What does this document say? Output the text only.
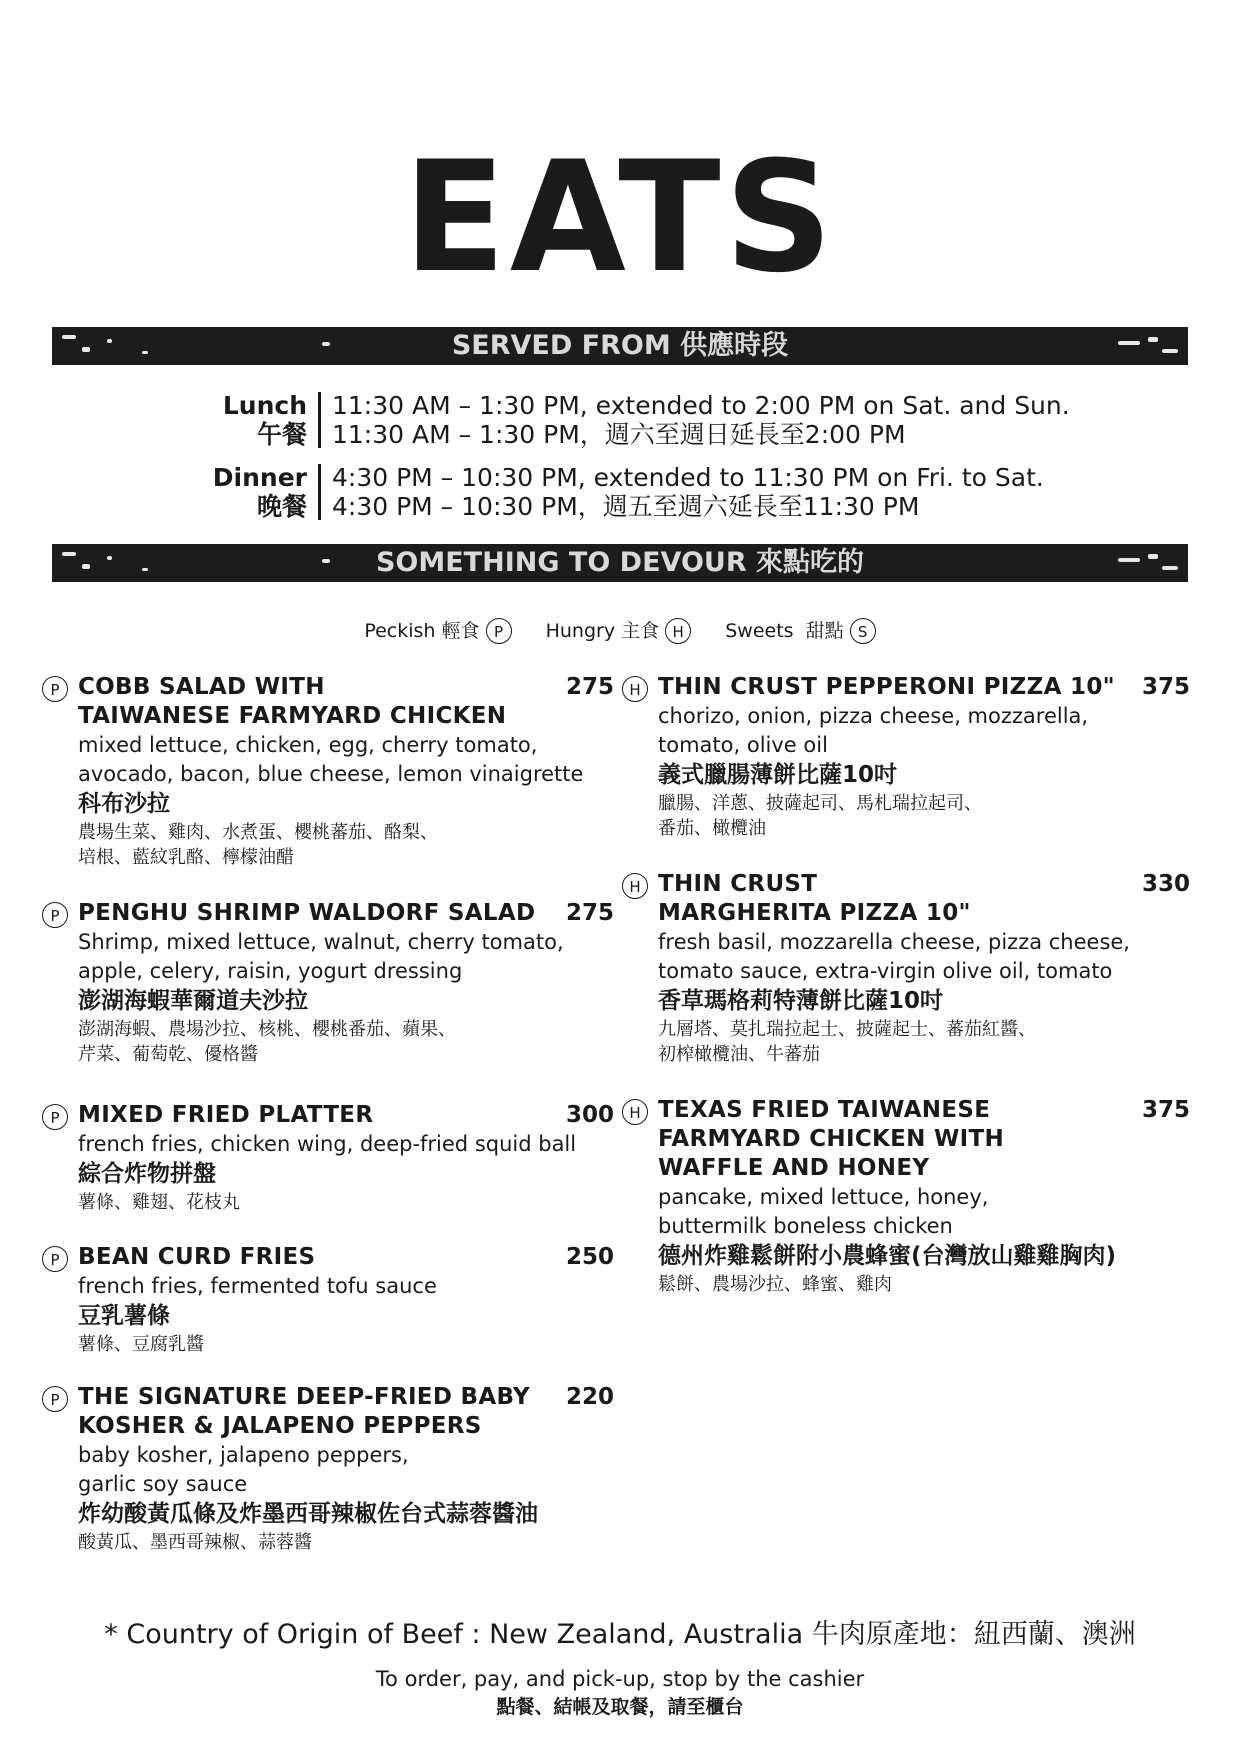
EATS
SERVED FROM 供應時段
Lunch
午餐
11:30 AM – 1:30 PM, extended to 2:00 PM on Sat. and Sun.
11:30 AM – 1:30 PM，週六至週日延長至2:00 PM
Dinner
晚餐
4:30 PM – 10:30 PM, extended to 11:30 PM on Fri. to Sat.
4:30 PM – 10:30 PM，週五至週六延長至11:30 PM
SOMETHING TO DEVOUR 來點吃的
Peckish 輕食 P Hungry 主食 H Sweets  甜點 S
P COBB SALAD WITH
TAIWANESE FARMYARD CHICKEN
mixed lettuce, chicken, egg, cherry tomato,
avocado, bacon, blue cheese, lemon vinaigrette
科布沙拉
農場生菜、雞肉、水煮蛋、櫻桃蕃茄、酪梨、
培根、藍紋乳酪、檸檬油醋
275
P PENGHU SHRIMP WALDORF SALAD
Shrimp, mixed lettuce, walnut, cherry tomato,
apple, celery, raisin, yogurt dressing
澎湖海蝦華爾道夫沙拉
澎湖海蝦、農場沙拉、核桃、櫻桃番茄、蘋果、
芹菜、葡萄乾、優格醬
275
P MIXED FRIED PLATTER
french fries, chicken wing, deep-fried squid ball
綜合炸物拼盤
薯條、雞翅、花枝丸
300
P BEAN CURD FRIES
french fries, fermented tofu sauce
豆乳薯條
薯條、豆腐乳醬
250
P THE SIGNATURE DEEP-FRIED BABY
KOSHER & JALAPENO PEPPERS
baby kosher, jalapeno peppers,
garlic soy sauce
炸幼酸黃瓜條及炸墨西哥辣椒佐台式蒜蓉醬油
酸黃瓜、墨西哥辣椒、蒜蓉醬
220
H THIN CRUST PEPPERONI PIZZA 10"
chorizo, onion, pizza cheese, mozzarella,
tomato, olive oil
義式臘腸薄餅比薩10吋
臘腸、洋蔥、披薩起司、馬札瑞拉起司、
番茄、橄欖油
375
H THIN CRUST
MARGHERITA PIZZA 10"
fresh basil, mozzarella cheese, pizza cheese,
tomato sauce, extra-virgin olive oil, tomato
香草瑪格莉特薄餅比薩10吋
九層塔、莫扎瑞拉起士、披薩起士、蕃茄紅醬、
初榨橄欖油、牛蕃茄
330
H TEXAS FRIED TAIWANESE
FARMYARD CHICKEN WITH
WAFFLE AND HONEY
pancake, mixed lettuce, honey,
buttermilk boneless chicken
德州炸雞鬆餅附小農蜂蜜(台灣放山雞雞胸肉)
鬆餅、農場沙拉、蜂蜜、雞肉
375
* Country of Origin of Beef : New Zealand, Australia 牛肉原產地：紐西蘭、澳洲
To order, pay, and pick-up, stop by the cashier
點餐、結帳及取餐，請至櫃台
